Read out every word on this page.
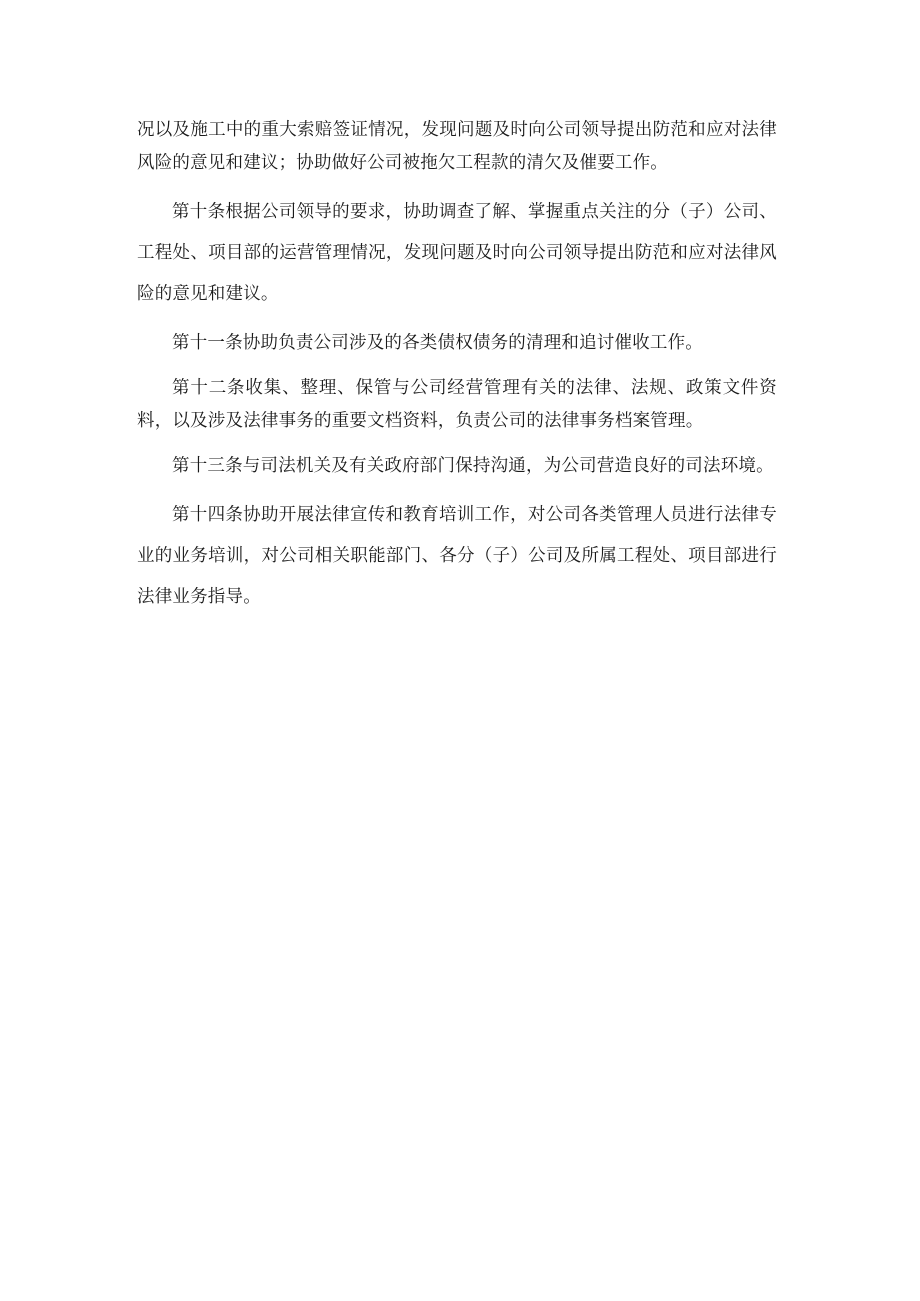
况以及施工中的重大索赔签证情况，发现问题及时向公司领导提出防范和应对法律风险的意见和建议；协助做好公司被拖欠工程款的清欠及催要工作。

第十条根据公司领导的要求，协助调查了解、掌握重点关注的分（子）公司、工程处、项目部的运营管理情况，发现问题及时向公司领导提出防范和应对法律风险的意见和建议。

第十一条协助负责公司涉及的各类债权债务的清理和追讨催收工作。

第十二条收集、整理、保管与公司经营管理有关的法律、法规、政策文件资料，以及涉及法律事务的重要文档资料，负责公司的法律事务档案管理。

第十三条与司法机关及有关政府部门保持沟通，为公司营造良好的司法环境。

第十四条协助开展法律宣传和教育培训工作，对公司各类管理人员进行法律专业的业务培训，对公司相关职能部门、各分（子）公司及所属工程处、项目部进行法律业务指导。
